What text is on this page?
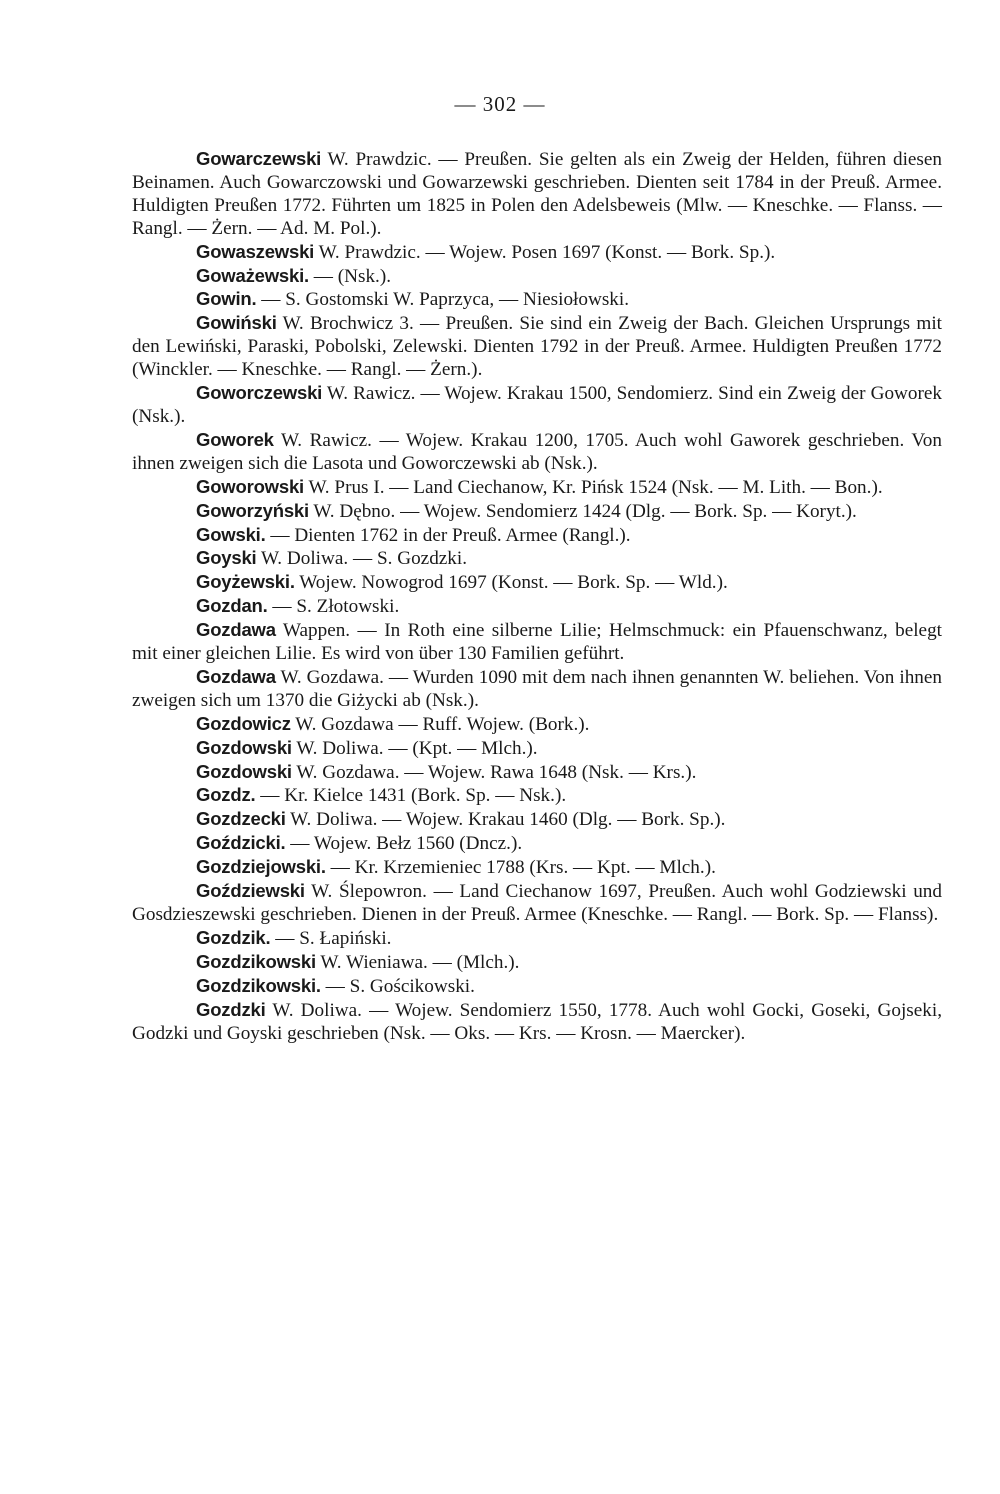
— 302 —

Gowarczewski W. Prawdzic. — Preußen. Sie gelten als ein Zweig der Helden, führen diesen Beinamen. Auch Gowarczowski und Gowarzewski geschrieben. Dienten seit 1784 in der Preuß. Armee. Huldigten Preußen 1772. Führten um 1825 in Polen den Adelsbeweis (Mlw. — Kneschke. — Flanss. — Rangl. — Żern. — Ad. M. Pol.).

Gowaszewski W. Prawdzic. — Wojew. Posen 1697 (Konst. — Bork. Sp.).

Goważewski. — (Nsk.).

Gowin. — S. Gostomski W. Paprzyca, — Niesiołowski.

Gowiński W. Brochwicz 3. — Preußen. Sie sind ein Zweig der Bach. Gleichen Ursprungs mit den Lewiński, Paraski, Pobolski, Zelewski. Dienten 1792 in der Preuß. Armee. Huldigten Preußen 1772 (Winckler. — Kneschke. — Rangl. — Żern.).

Goworczewski W. Rawicz. — Wojew. Krakau 1500, Sendomierz. Sind ein Zweig der Goworek (Nsk.).

Goworek W. Rawicz. — Wojew. Krakau 1200, 1705. Auch wohl Gaworek geschrieben. Von ihnen zweigen sich die Lasota und Goworczewski ab (Nsk.).

Goworowski W. Prus I. — Land Ciechanow, Kr. Pińsk 1524 (Nsk. — M. Lith. — Bon.).

Goworzyński W. Dębno. — Wojew. Sendomierz 1424 (Dlg. — Bork. Sp. — Koryt.).

Gowski. — Dienten 1762 in der Preuß. Armee (Rangl.).

Goyski W. Doliwa. — S. Gozdzki.

Goyżewski. Wojew. Nowogrod 1697 (Konst. — Bork. Sp. — Wld.).

Gozdan. — S. Złotowski.

Gozdawa Wappen. — In Roth eine silberne Lilie; Helmschmuck: ein Pfauenschwanz, belegt mit einer gleichen Lilie. Es wird von über 130 Familien geführt.

Gozdawa W. Gozdawa. — Wurden 1090 mit dem nach ihnen genannten W. beliehen. Von ihnen zweigen sich um 1370 die Giżycki ab (Nsk.).

Gozdowicz W. Gozdawa — Ruff. Wojew. (Bork.).

Gozdowski W. Doliwa. — (Kpt. — Mlch.).

Gozdowski W. Gozdawa. — Wojew. Rawa 1648 (Nsk. — Krs.).

Gozdz. — Kr. Kielce 1431 (Bork. Sp. — Nsk.).

Gozdzecki W. Doliwa. — Wojew. Krakau 1460 (Dlg. — Bork. Sp.).

Goździcki. — Wojew. Bełz 1560 (Dncz.).

Gozdziejowski. — Kr. Krzemieniec 1788 (Krs. — Kpt. — Mlch.).

Goździewski W. Ślepowron. — Land Ciechanow 1697, Preußen. Auch wohl Godziewski und Gosdzieszewski geschrieben. Dienen in der Preuß. Armee (Kneschke. — Rangl. — Bork. Sp. — Flanss).

Gozdzik. — S. Łapiński.

Gozdzikowski W. Wieniawa. — (Mlch.).

Gozdzikowski. — S. Gościkowski.

Gozdzki W. Doliwa. — Wojew. Sendomierz 1550, 1778. Auch wohl Gocki, Goseki, Gojseki, Godzki und Goyski geschrieben (Nsk. — Oks. — Krs. — Krosn. — Maercker).
